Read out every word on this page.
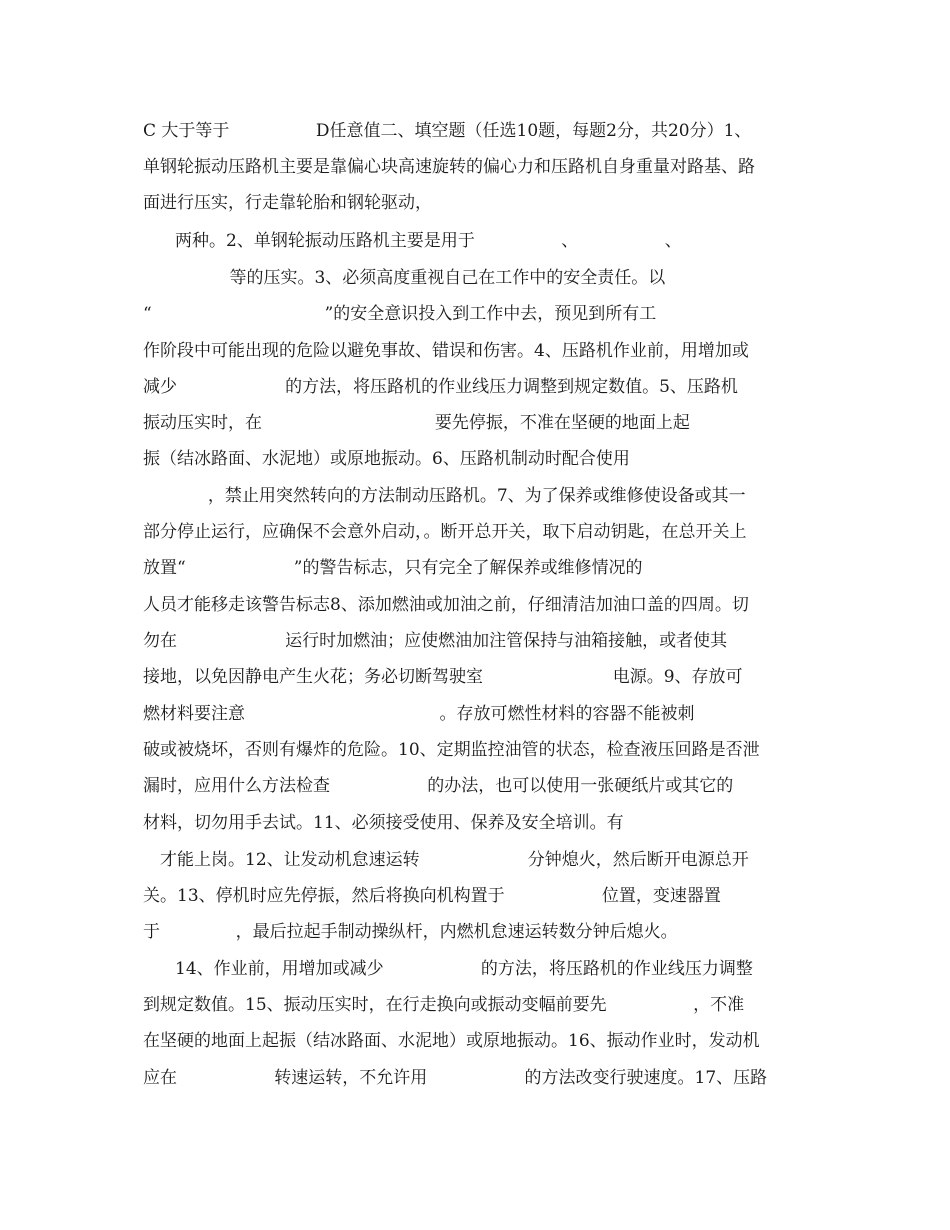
C 大于等于                D任意值二、填空题（任选10题，每题2分，共20分）1、
单钢轮振动压路机主要是靠偏心块高速旋转的偏心力和压路机自身重量对路基、路
面进行压实，行走靠轮胎和钢轮驱动，
两种。2、单钢轮振动压路机主要是用于                、                、
等的压实。3、必须高度重视自己在工作中的安全责任。以
“                                ”的安全意识投入到工作中去，预见到所有工
作阶段中可能出现的危险以避免事故、错误和伤害。4、压路机作业前，用增加或
减少                    的方法，将压路机的作业线压力调整到规定数值。5、压路机
振动压实时，在                                要先停振，不准在坚硬的地面上起
振（结冰路面、水泥地）或原地振动。6、压路机制动时配合使用
，禁止用突然转向的方法制动压路机。7、为了保养或维修使设备或其一
部分停止运行，应确保不会意外启动，。断开总开关，取下启动钥匙，在总开关上
放置“                    ”的警告标志，只有完全了解保养或维修情况的
人员才能移走该警告标志8、添加燃油或加油之前，仔细清洁加油口盖的四周。切
勿在                    运行时加燃油；应使燃油加注管保持与油箱接触，或者使其
接地，以免因静电产生火花；务必切断驾驶室                        电源。9、存放可
燃材料要注意                                    。存放可燃性材料的容器不能被刺
破或被烧坏，否则有爆炸的危险。10、定期监控油管的状态，检查液压回路是否泄
漏时，应用什么方法检查                  的办法，也可以使用一张硬纸片或其它的
材料，切勿用手去试。11、必须接受使用、保养及安全培训。有
才能上岗。12、让发动机怠速运转                    分钟熄火，然后断开电源总开
关。13、停机时应先停振，然后将换向机构置于                  位置，变速器置
于              ，最后拉起手制动操纵杆，内燃机怠速运转数分钟后熄火。
14、作业前，用增加或减少                  的方法，将压路机的作业线压力调整
到规定数值。15、振动压实时，在行走换向或振动变幅前要先                ，不准
在坚硬的地面上起振（结冰路面、水泥地）或原地振动。16、振动作业时，发动机
应在                  转速运转，不允许用                  的方法改变行驶速度。17、压路
